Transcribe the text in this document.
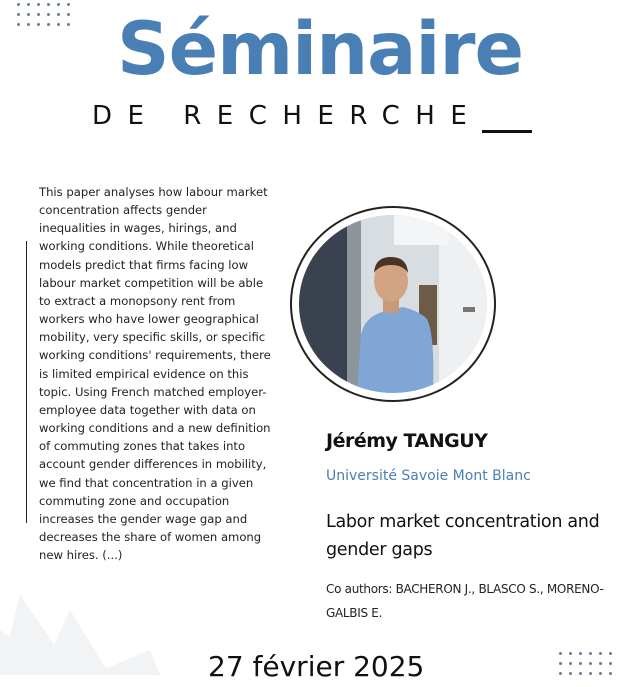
Séminaire
DE RECHERCHE
This paper analyses how labour market concentration affects gender inequalities in wages, hirings, and working conditions. While theoretical models predict that firms facing low labour market competition will be able to extract a monopsony rent from workers who have lower geographical mobility, very specific skills, or specific working conditions' requirements, there is limited empirical evidence on this topic. Using French matched employer-employee data together with data on working conditions and a new definition of commuting zones that takes into account gender differences in mobility, we find that concentration in a given commuting zone and occupation increases the gender wage gap and decreases the share of women among new hires. (...)
Jérémy TANGUY
Université Savoie Mont Blanc
Labor market concentration and gender gaps
Co authors: BACHERON J., BLASCO S., MORENO-GALBIS E.
27 février 2025
